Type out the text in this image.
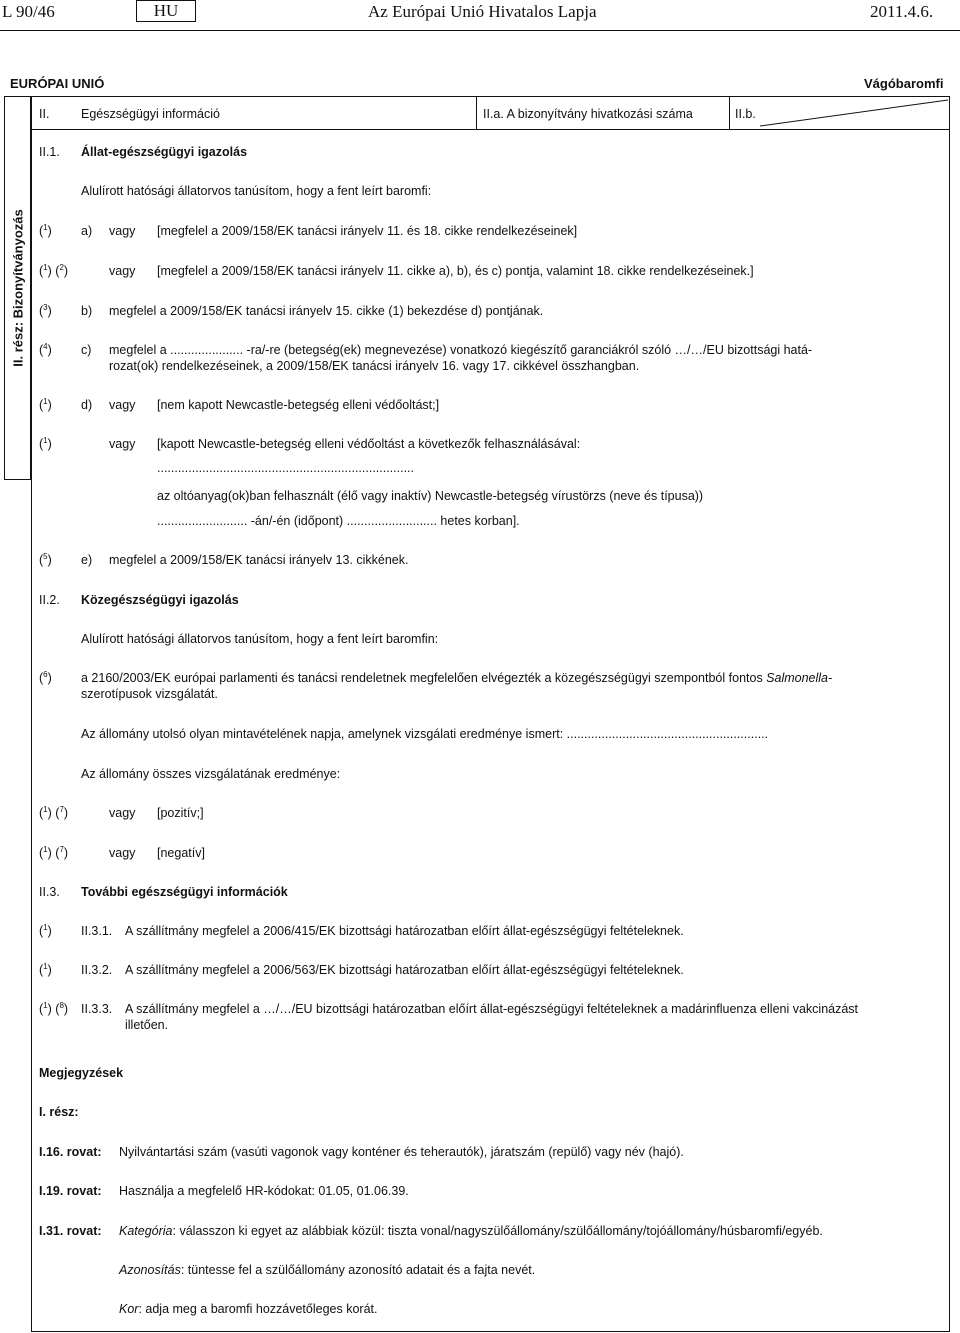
L 90/46	HU	Az Európai Unió Hivatalos Lapja	2011.4.6.
EURÓPAI UNIÓ	Vágóbaromfi
II. rész: Bizonyítványozás
II.	Egészségügyi információ	II.a. A bizonyítvány hivatkozási száma	II.b.
II.1. Állat-egészségügyi igazolás
Alulírott hatósági állatorvos tanúsítom, hogy a fent leírt baromfi:
($^1$) a) vagy [megfelel a 2009/158/EK tanácsi irányelv 11. és 18. cikke rendelkezéseinek]
($^1$) ($^2$)	vagy [megfelel a 2009/158/EK tanácsi irányelv 11. cikke a), b), és c) pontja, valamint 18. cikke rendelkezéseinek.]
($^3$) b) megfelel a 2009/158/EK tanácsi irányelv 15. cikke (1) bekezdése d) pontjának.
($^4$) c) megfelel a ..................... -ra/-re (betegség(ek) megnevezése) vonatkozó kiegészítő garanciákról szóló …/…/EU bizottsági hatá-
rozat(ok) rendelkezéseinek, a 2009/158/EK tanácsi irányelv 16. vagy 17. cikkével összhangban.
($^1$) d) vagy [nem kapott Newcastle-betegség elleni védőoltást;]
($^1$)	vagy [kapott Newcastle-betegség elleni védőoltást a következők felhasználásával:
..........................................................................
az oltóanyag(ok)ban felhasznált (élő vagy inaktív) Newcastle-betegség vírustörzs (neve és típusa))
.......................... -án/-én (időpont) .......................... hetes korban].
($^5$) e) megfelel a 2009/158/EK tanácsi irányelv 13. cikkének.
II.2. Közegészségügyi igazolás
Alulírott hatósági állatorvos tanúsítom, hogy a fent leírt baromfin:
($^6$) a 2160/2003/EK európai parlamenti és tanácsi rendeletnek megfelelően elvégezték a közegészségügyi szempontból fontos Salmonella-
szerotípusok vizsgálatát.
Az állomány utolsó olyan mintavételének napja, amelynek vizsgálati eredménye ismert: ..........................................................
Az állomány összes vizsgálatának eredménye:
($^1$) ($^7$)	vagy [pozitív;]
($^1$) ($^7$)	vagy [negatív]
II.3. További egészségügyi információk
($^1$) II.3.1. A szállítmány megfelel a 2006/415/EK bizottsági határozatban előírt állat-egészségügyi feltételeknek.
($^1$) II.3.2. A szállítmány megfelel a 2006/563/EK bizottsági határozatban előírt állat-egészségügyi feltételeknek.
($^1$) ($^8$) II.3.3. A szállítmány megfelel a …/…/EU bizottsági határozatban előírt állat-egészségügyi feltételeknek a madárinfluenza elleni vakcinázást
illetően.
Megjegyzések
I. rész:
I.16. rovat: Nyilvántartási szám (vasúti vagonok vagy konténer és teherautók), járatszám (repülő) vagy név (hajó).
I.19. rovat: Használja a megfelelő HR-kódokat: 01.05, 01.06.39.
I.31. rovat: Kategória: válasszon ki egyet az alábbiak közül: tiszta vonal/nagyszülőállomány/szülőállomány/tojóállomány/húsbaromfi/egyéb.
Azonosítás: tüntesse fel a szülőállomány azonosító adatait és a fajta nevét.
Kor: adja meg a baromfi hozzávetőleges korát.
